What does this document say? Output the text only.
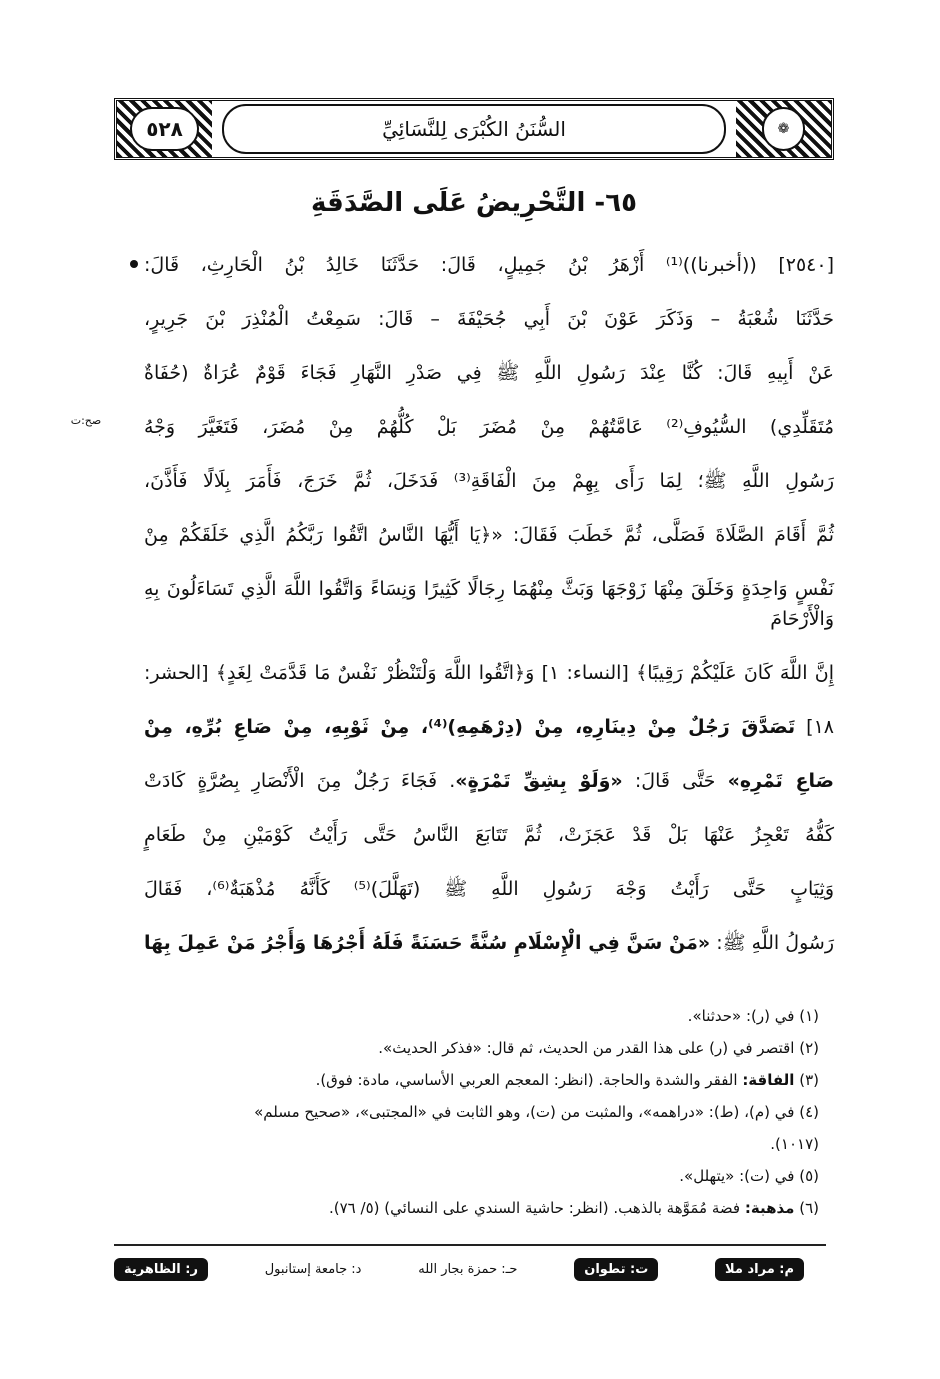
٥٢٨	السُّنَنُ الكُبْرَى لِلنَّسَائِيِّ	❁
٦٥- التَّحْرِيضُ عَلَى الصَّدَقَةِ
صح:ت
[٢٥٤٠] ((أخبرنا))⁽¹⁾ أَزْهَرُ بْنُ جَمِيلٍ، قَالَ: حَدَّثَنَا خَالِدُ بْنُ الْحَارِثِ، قَالَ:
حَدَّثَنَا شُعْبَةُ – وَذَكَرَ عَوْنَ بْنَ أَبِي جُحَيْفَةَ – قَالَ: سَمِعْتُ الْمُنْذِرَ بْنَ جَرِيرٍ،
عَنْ أَبِيهِ قَالَ: كُنَّا عِنْدَ رَسُولِ اللَّهِ ﷺ فِي صَدْرِ النَّهَارِ فَجَاءَ قَوْمٌ عُرَاةٌ (حُفَاةٌ
مُتَقَلِّدِي) السُّيُوفِ⁽²⁾ عَامَّتُهُمْ مِنْ مُضَرَ بَلْ كُلُّهُمْ مِنْ مُضَرَ، فَتَغَيَّرَ وَجْهُ
رَسُولِ اللَّهِ ﷺ؛ لِمَا رَأَى بِهِمْ مِنَ الْفَاقَةِ⁽³⁾ فَدَخَلَ، ثُمَّ خَرَجَ، فَأَمَرَ بِلَالًا فَأَذَّنَ،
ثُمَّ أَقَامَ الصَّلَاةَ فَصَلَّى، ثُمَّ خَطَبَ فَقَالَ: «﴿يَا أَيُّهَا النَّاسُ اتَّقُوا رَبَّكُمُ الَّذِي خَلَقَكُمْ مِنْ
نَفْسٍ وَاحِدَةٍ وَخَلَقَ مِنْهَا زَوْجَهَا وَبَثَّ مِنْهُمَا رِجَالًا كَثِيرًا وَنِسَاءً وَاتَّقُوا اللَّهَ الَّذِي تَسَاءَلُونَ بِهِ وَالْأَرْحَامَ
إِنَّ اللَّهَ كَانَ عَلَيْكُمْ رَقِيبًا﴾ [النساء: ١] وَ﴿اتَّقُوا اللَّهَ وَلْتَنْظُرْ نَفْسٌ مَا قَدَّمَتْ لِغَدٍ﴾ [الحشر:
١٨] تَصَدَّقَ رَجُلٌ مِنْ دِينَارِهِ، مِنْ (دِرْهَمِهِ)⁽⁴⁾، مِنْ ثَوْبِهِ، مِنْ صَاعِ بُرِّهِ، مِنْ
صَاعِ تَمْرِهِ» حَتَّى قَالَ: «وَلَوْ بِشِقِّ تَمْرَةٍ». فَجَاءَ رَجُلٌ مِنَ الْأَنْصَارِ بِصُرَّةٍ كَادَتْ
كَفُّهُ تَعْجِزُ عَنْهَا بَلْ قَدْ عَجَزَتْ، ثُمَّ تَتَابَعَ النَّاسُ حَتَّى رَأَيْتُ كَوْمَيْنِ مِنْ طَعَامٍ
وَثِيَابٍ حَتَّى رَأَيْتُ وَجْهَ رَسُولِ اللَّهِ ﷺ (تَهَلَّلَ)⁽⁵⁾ كَأَنَّهُ مُذْهَبَةٌ⁽⁶⁾، فَقَالَ
رَسُولُ اللَّهِ ﷺ: «مَنْ سَنَّ فِي الْإِسْلَامِ سُنَّةً حَسَنَةً فَلَهُ أَجْرُهَا وَأَجْرُ مَنْ عَمِلَ بِهَا
(١) في (ر): «حدثنا».
(٢) اقتصر في (ر) على هذا القدر من الحديث، ثم قال: «فذكر الحديث».
(٣) الفاقة: الفقر والشدة والحاجة. (انظر: المعجم العربي الأساسي، مادة: فوق).
(٤) في (م)، (ط): «دراهمه»، والمثبت من (ت)، وهو الثابت في «المجتبى»، «صحيح مسلم»
(١٠١٧).
(٥) في (ت): «يتهلل».
(٦) مذهبة: فضة مُمَوَّهة بالذهب. (انظر: حاشية السندي على النسائي) (٥/ ٧٦).
م: مراد ملا
ت: تطوان
حـ: حمزة بجار الله
د: جامعة إستانبول
ر: الظاهرية
